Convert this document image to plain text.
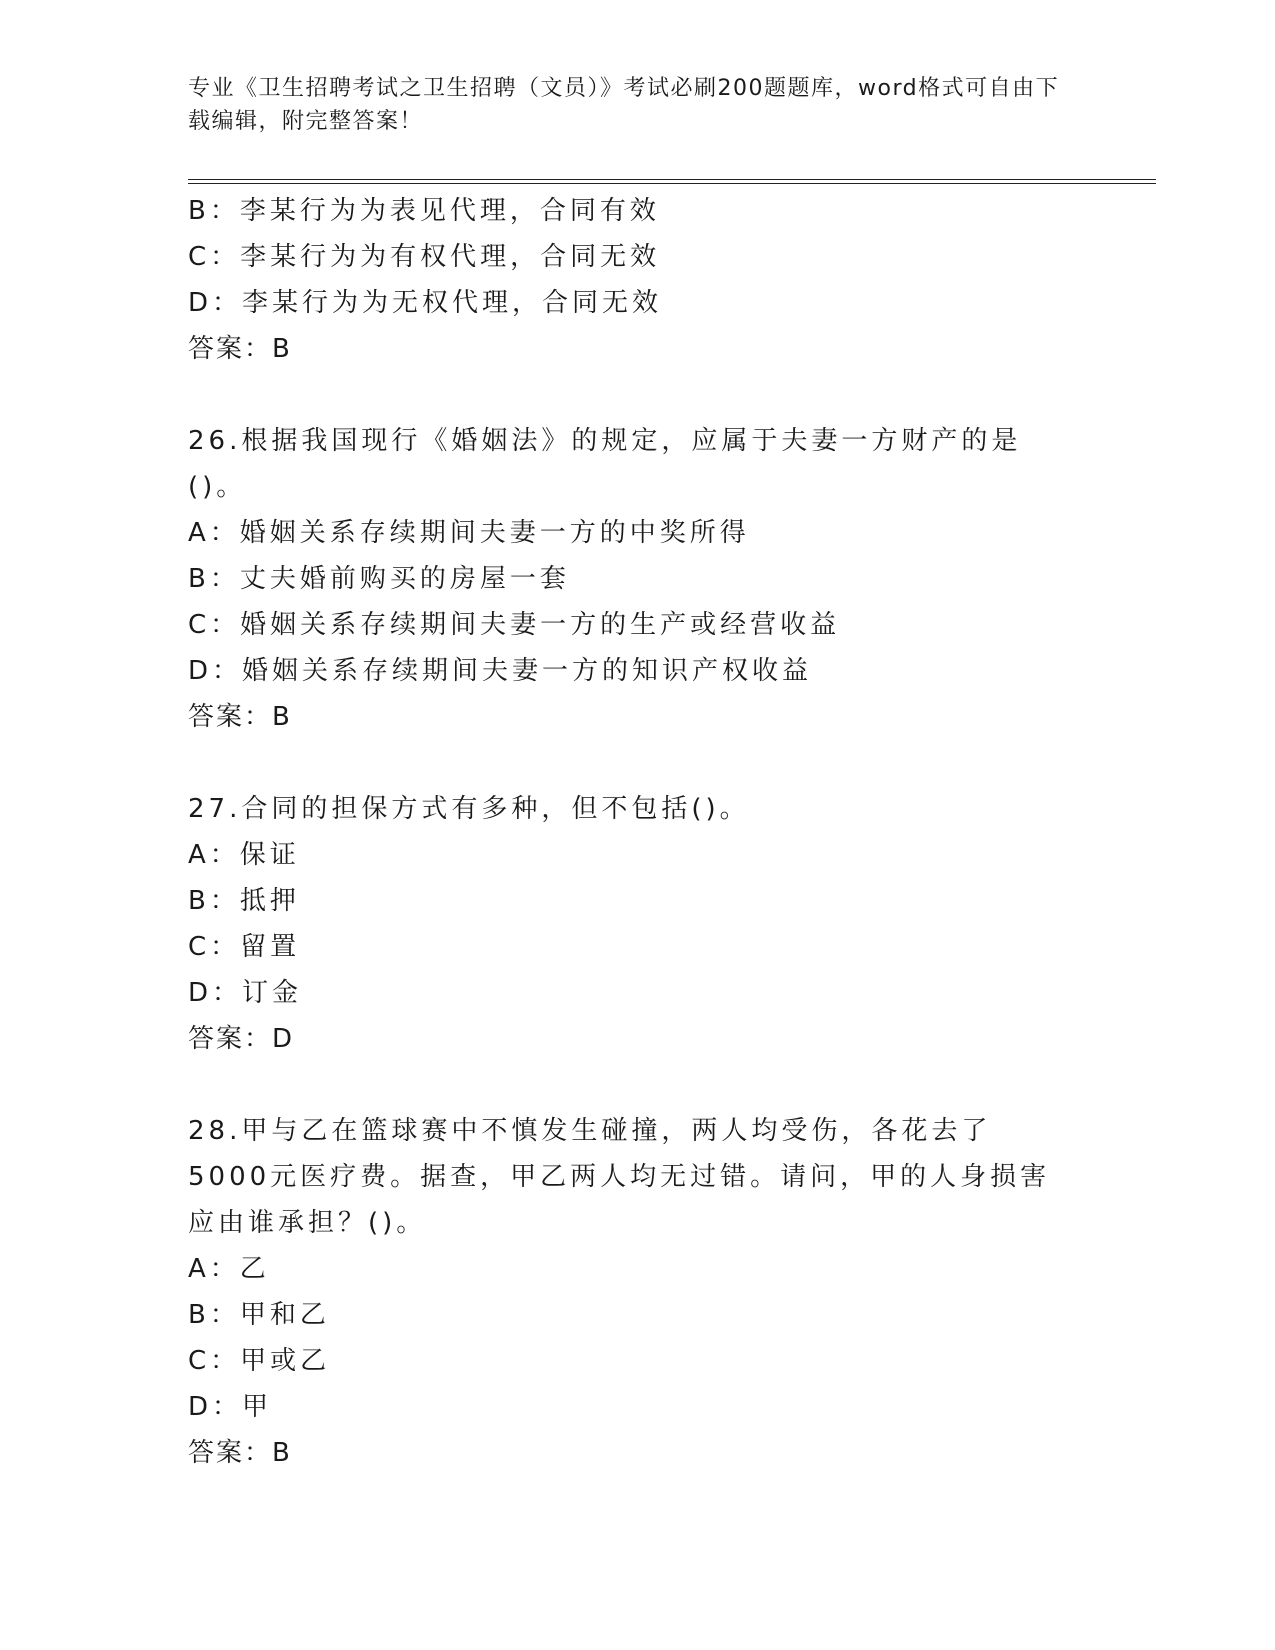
专业《卫生招聘考试之卫生招聘（文员）》考试必刷200题题库，word格式可自由下载编辑，附完整答案！
B：李某行为为表见代理，合同有效
C：李某行为为有权代理，合同无效
D：李某行为为无权代理，合同无效
答案：B
26.根据我国现行《婚姻法》的规定，应属于夫妻一方财产的是()。
A：婚姻关系存续期间夫妻一方的中奖所得
B：丈夫婚前购买的房屋一套
C：婚姻关系存续期间夫妻一方的生产或经营收益
D：婚姻关系存续期间夫妻一方的知识产权收益
答案：B
27.合同的担保方式有多种，但不包括()。
A：保证
B：抵押
C：留置
D：订金
答案：D
28.甲与乙在篮球赛中不慎发生碰撞，两人均受伤，各花去了5000元医疗费。据查，甲乙两人均无过错。请问，甲的人身损害应由谁承担？()。
A：乙
B：甲和乙
C：甲或乙
D：甲
答案：B
